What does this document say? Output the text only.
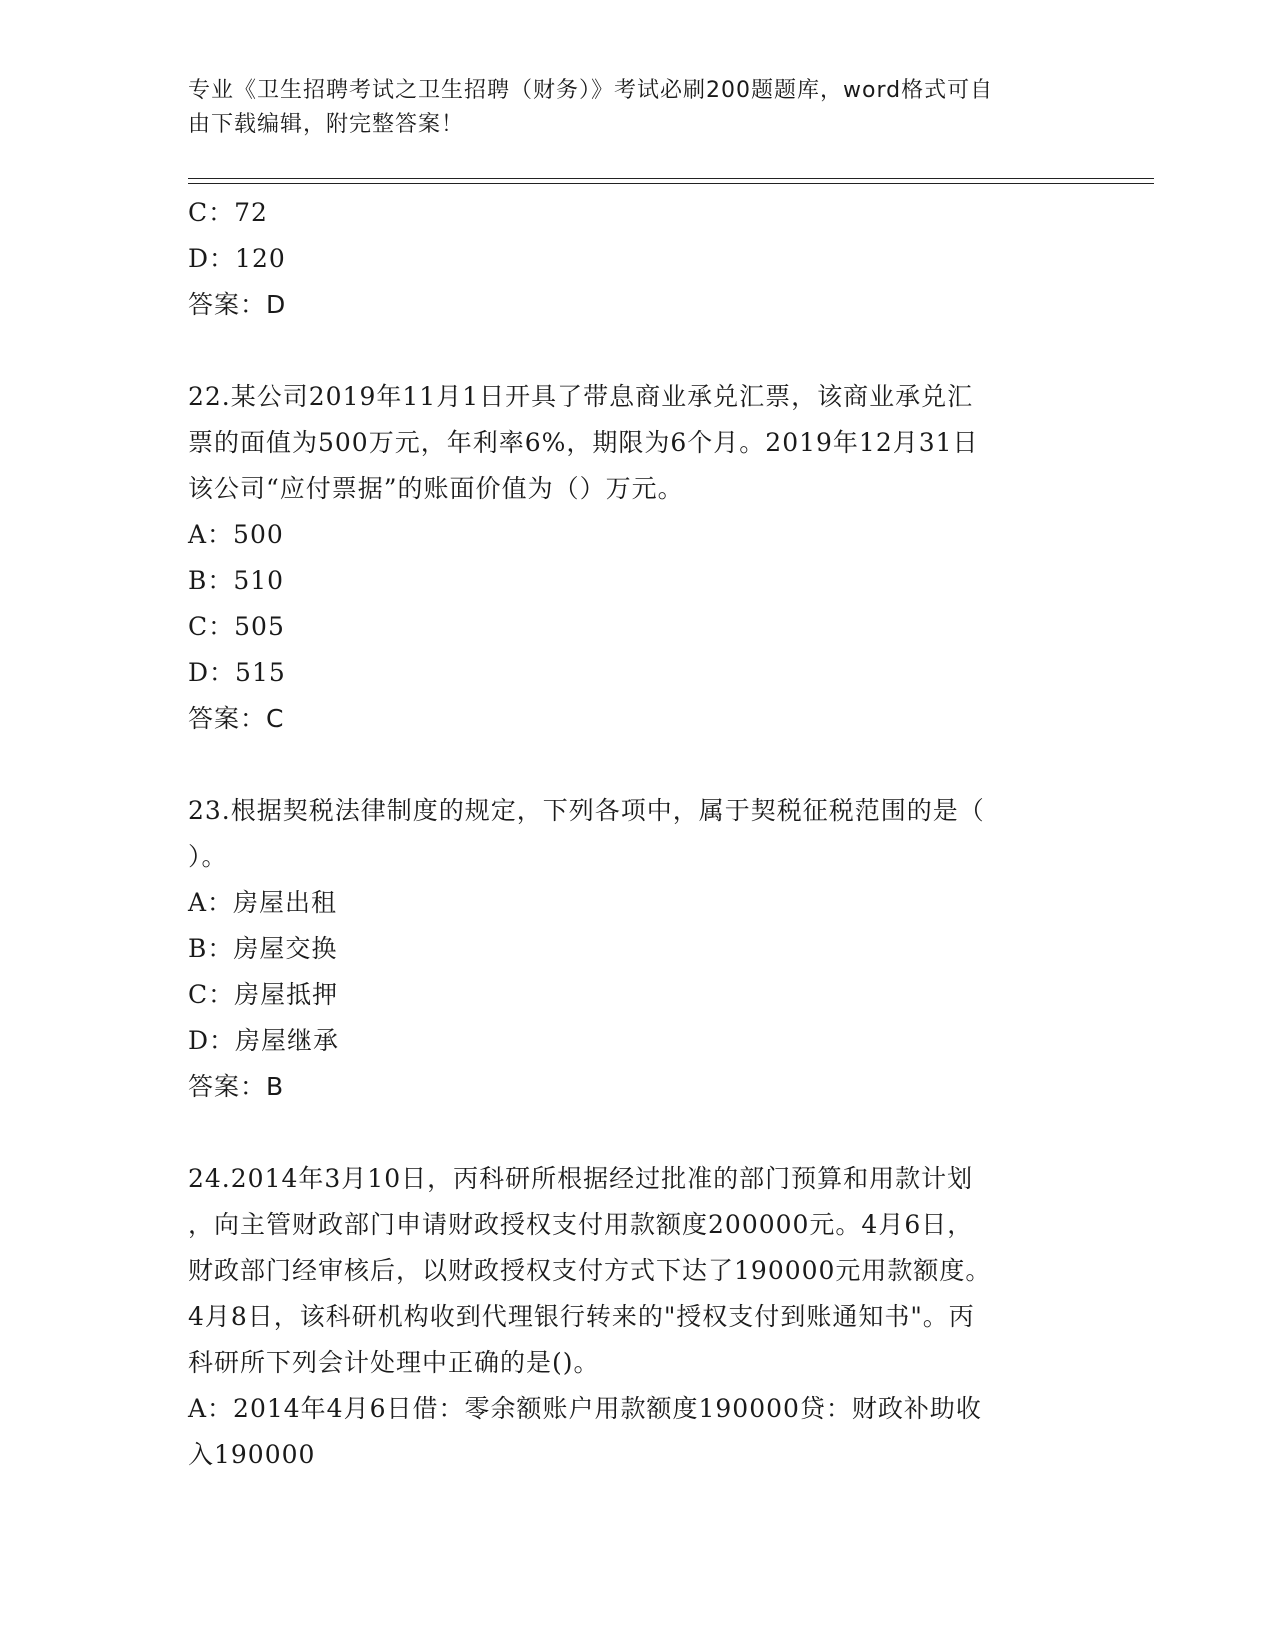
专业《卫生招聘考试之卫生招聘（财务）》考试必刷200题题库，word格式可自
由下载编辑，附完整答案！
C：72
D：120
答案：D
22.某公司2019年11月1日开具了带息商业承兑汇票，该商业承兑汇
票的面值为500万元，年利率6%，期限为6个月。2019年12月31日
该公司“应付票据”的账面价值为（）万元。
A：500
B：510
C：505
D：515
答案：C
23.根据契税法律制度的规定，下列各项中，属于契税征税范围的是（
）。
A：房屋出租
B：房屋交换
C：房屋抵押
D：房屋继承
答案：B
24.2014年3月10日，丙科研所根据经过批准的部门预算和用款计划
，向主管财政部门申请财政授权支付用款额度200000元。4月6日，
财政部门经审核后，以财政授权支付方式下达了190000元用款额度。
4月8日，该科研机构收到代理银行转来的"授权支付到账通知书"。丙
科研所下列会计处理中正确的是()。
A：2014年4月6日借：零余额账户用款额度190000贷：财政补助收
入190000
